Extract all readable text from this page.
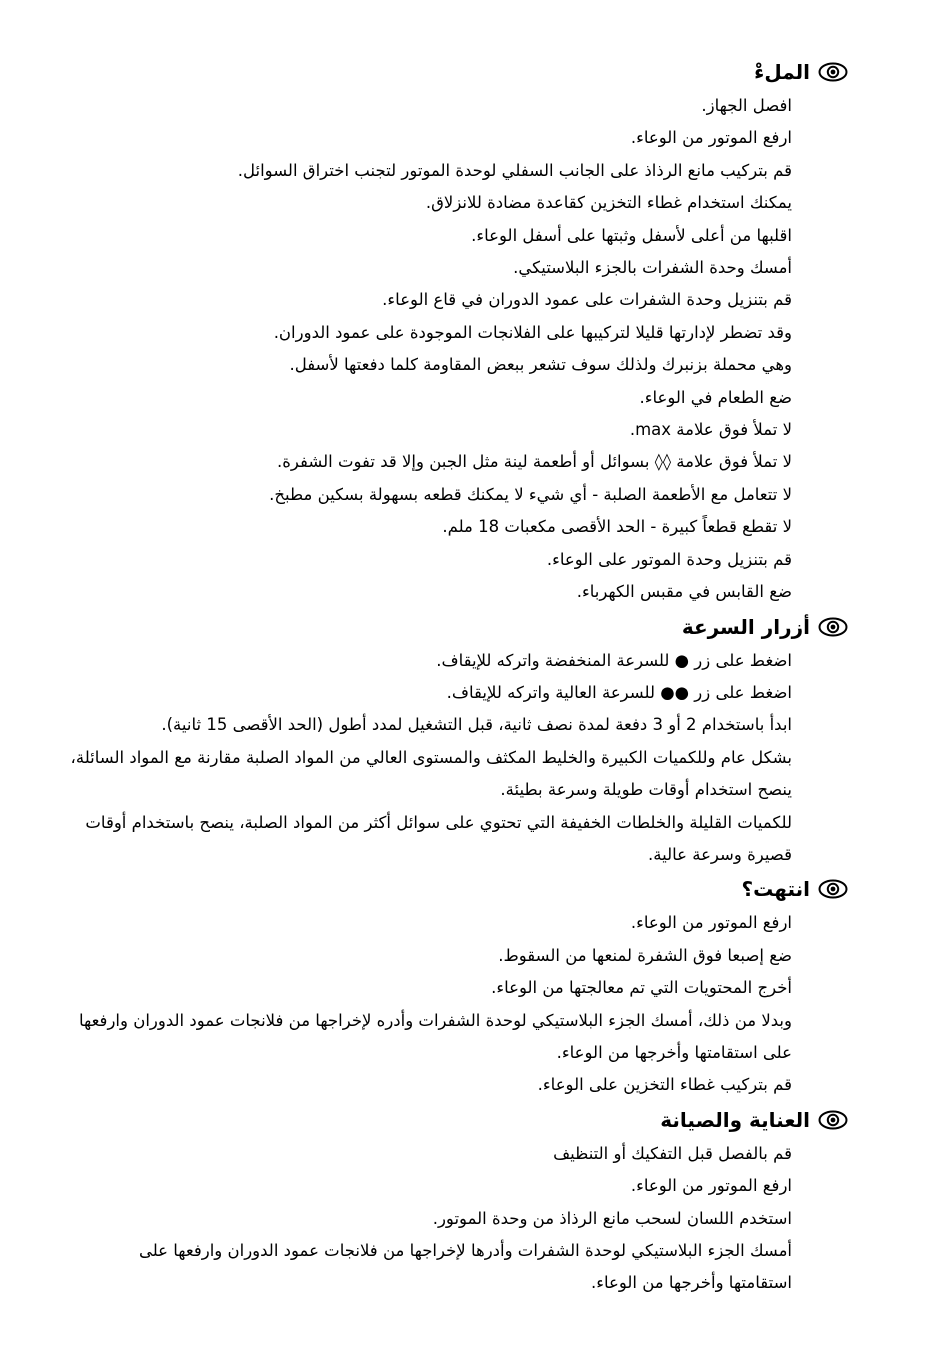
الملءْ

افصل الجهاز.

ارفع الموتور من الوعاء.

قم بتركيب مانع الرذاذ على الجانب السفلي لوحدة الموتور لتجنب اختراق السوائل.

يمكنك استخدام غطاء التخزين كقاعدة مضادة للانزلاق.

اقلبها من أعلى لأسفل وثبتها على أسفل الوعاء.

أمسك وحدة الشفرات بالجزء البلاستيكي.

قم بتنزيل وحدة الشفرات على عمود الدوران في قاع الوعاء.

وقد تضطر لإدارتها قليلا لتركيبها على الفلانجات الموجودة على عمود الدوران.

وهي محملة بزنبرك ولذلك سوف تشعر ببعض المقاومة كلما دفعتها لأسفل.

ضع الطعام في الوعاء.

لا تملأ فوق علامة max.

لا تملأ فوق علامة ◊◊ بسوائل أو أطعمة لينة مثل الجبن وإلا قد تفوت الشفرة.

لا تتعامل مع الأطعمة الصلبة - أي شيء لا يمكنك قطعه بسهولة بسكين مطبخ.

لا تقطع قطعاً كبيرة - الحد الأقصى مكعبات 18 ملم.

قم بتنزيل وحدة الموتور على الوعاء.

ضع القابس في مقبس الكهرباء.

أزرار السرعة

اضغط على زر ● للسرعة المنخفضة واتركه للإيقاف.

اضغط على زر ●● للسرعة العالية واتركه للإيقاف.

ابدأ باستخدام 2 أو 3 دفعة لمدة نصف ثانية، قبل التشغيل لمدد أطول (الحد الأقصى 15 ثانية).

بشكل عام وللكميات الكبيرة والخليط المكثف والمستوى العالي من المواد الصلبة مقارنة مع المواد السائلة،

ينصح استخدام أوقات طويلة وسرعة بطيئة.

للكميات القليلة والخلطات الخفيفة التي تحتوي على سوائل أكثر من المواد الصلبة، ينصح باستخدام أوقات

قصيرة وسرعة عالية.

انتهت؟

ارفع الموتور من الوعاء.

ضع إصبعا فوق الشفرة لمنعها من السقوط.

أخرج المحتويات التي تم معالجتها من الوعاء.

وبدلا من ذلك، أمسك الجزء البلاستيكي لوحدة الشفرات وأدره لإخراجها من فلانجات عمود الدوران وارفعها

على استقامتها وأخرجها من الوعاء.

قم بتركيب غطاء التخزين على الوعاء.

العناية والصيانة

قم بالفصل قبل التفكيك أو التنظيف

ارفع الموتور من الوعاء.

استخدم اللسان لسحب مانع الرذاذ من وحدة الموتور.

أمسك الجزء البلاستيكي لوحدة الشفرات وأدرها لإخراجها من فلانجات عمود الدوران وارفعها على

استقامتها وأخرجها من الوعاء.
